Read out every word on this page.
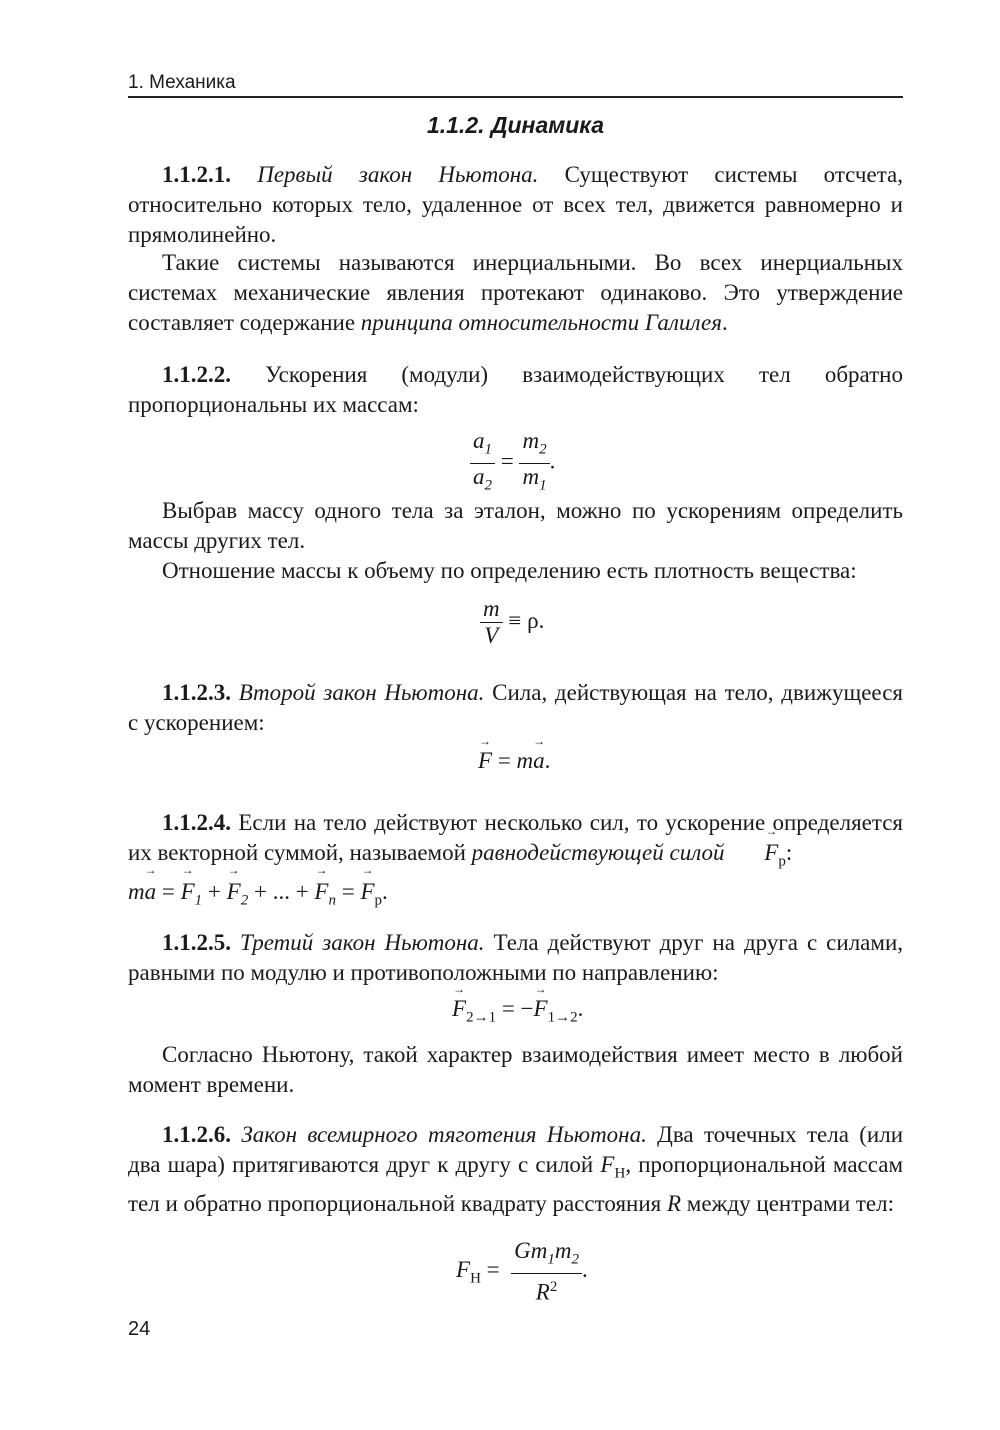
1. Механика
1.1.2. Динамика

1.1.2.1. Первый закон Ньютона. Существуют системы отсчета, относительно которых тело, удаленное от всех тел, движется равномерно и прямолинейно.

Такие системы называются инерциальными. Во всех инерциальных системах механические явления протекают одинаково. Это утверждение составляет содержание принципа относительности Галилея.

1.1.2.2. Ускорения (модули) взаимодействующих тел обратно пропорциональны их массам:

$\frac{a_1}{a_2} = \frac{m_2}{m_1}$ .

Выбрав массу одного тела за эталон, можно по ускорениям определить массы других тел.

Отношение массы к объему по определению есть плотность вещества:

$\frac{m}{V} \equiv \rho$.

1.1.2.3. Второй закон Ньютона. Сила, действующая на тело, движущееся с ускорением:

→ F = m→ a.

1.1.2.4. Если на тело действуют несколько сил, то ускорение определяется их векторной суммой, называемой равнодействующей силой → $F_р$:
m→ a = → $F_1$ + → $F_2$ + ... + → $F_n$ = → $F_р$.

1.1.2.5. Третий закон Ньютона. Тела действуют друг на друга с силами, равными по модулю и противоположными по направлению:

→ $F_{2\to 1}$ = −→ $F_{1\to 2}$.

Согласно Ньютону, такой характер взаимодействия имеет место в любой момент времени.

1.1.2.6. Закон всемирного тяготения Ньютона. Два точечных тела (или два шара) притягиваются друг к другу с силой $F_Н$, пропорциональной массам тел и обратно пропорциональной квадрату расстояния R между центрами тел:

$F_Н = \frac{Gm_1m_2}{R^2}$ .
24
